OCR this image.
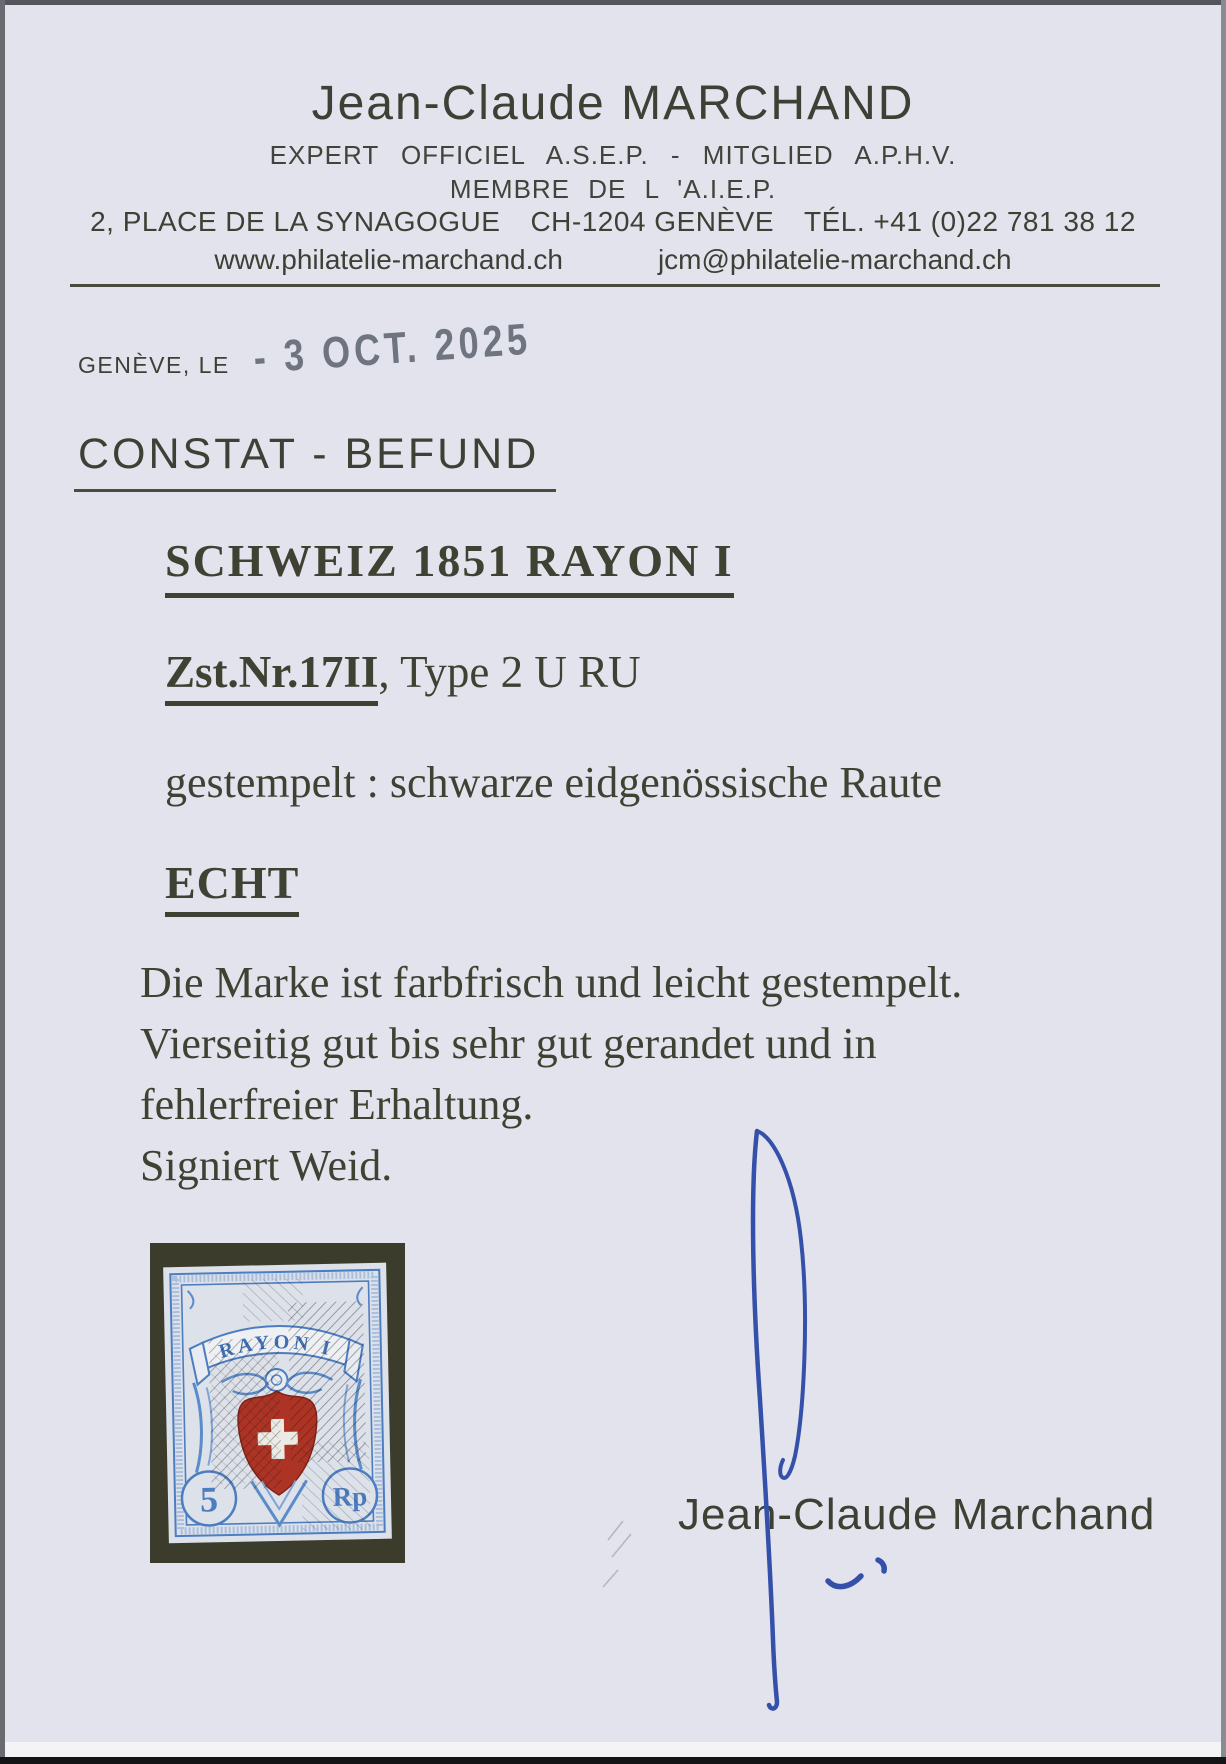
Jean-Claude MARCHAND
EXPERT OFFICIEL A.S.E.P. - MITGLIED A.P.H.V.
MEMBRE DE L 'A.I.E.P.
2, PLACE DE LA SYNAGOGUE CH-1204 GENÈVE TÉL. +41 (0)22 781 38 12
www.philatelie-marchand.ch	jcm@philatelie-marchand.ch
GENÈVE, LE - 3 OCT. 2025
CONSTAT - BEFUND
SCHWEIZ 1851 RAYON I
Zst.Nr.17II, Type 2 U RU
gestempelt : schwarze eidgenössische Raute
ECHT
Die Marke ist farbfrisch und leicht gestempelt.
Vierseitig gut bis sehr gut gerandet und in
fehlerfreier Erhaltung.
Signiert Weid.
RAYON I
5	Rp	Jean-Claude Marchand
